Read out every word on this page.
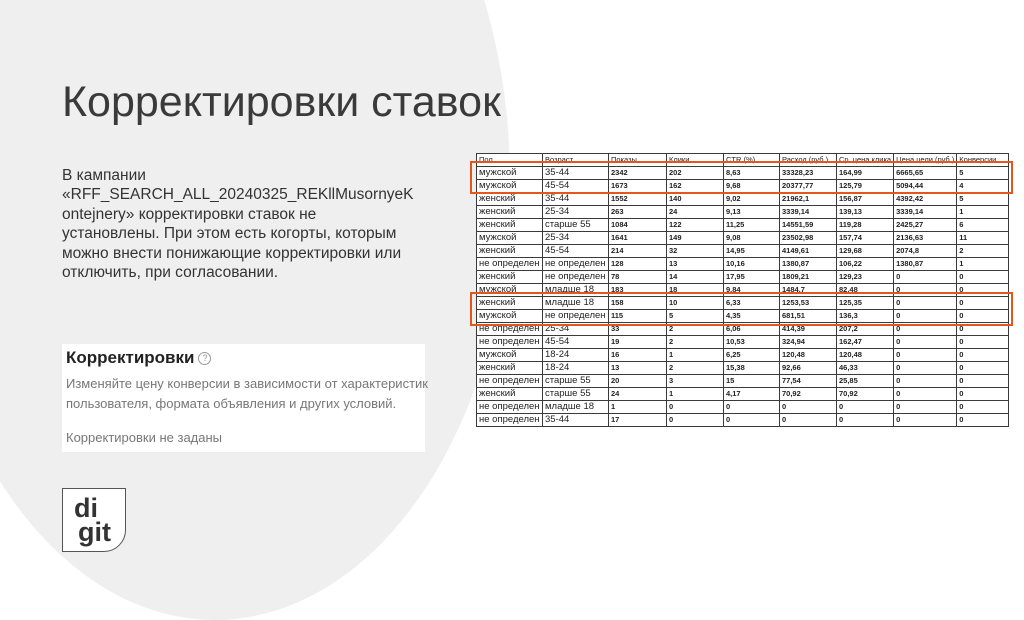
Корректировки ставок
В кампании
«RFF_SEARCH_ALL_20240325_REKllMusornyeK
ontejnery» корректировки ставок не
установлены. При этом есть когорты, которым
можно внести понижающие корректировки или
отключить, при согласовании.
Корректировки ?
Изменяйте цену конверсии в зависимости от характеристик
пользователя, формата объявления и других условий.
Корректировки не заданы
Пол	Возраст	Показы	Клики	CTR (%)	Расход (руб.)	Ср. цена клика	Цена цели (руб.)	Конверсии
мужской	35-44	2342	202	8,63	33328,23	164,99	6665,65	5
мужской	45-54	1673	162	9,68	20377,77	125,79	5094,44	4
женский	35-44	1552	140	9,02	21962,1	156,87	4392,42	5
женский	25-34	263	24	9,13	3339,14	139,13	3339,14	1
женский	старше 55	1084	122	11,25	14551,59	119,28	2425,27	6
мужской	25-34	1641	149	9,08	23502,98	157,74	2136,63	11
женский	45-54	214	32	14,95	4149,61	129,68	2074,8	2
не определен	не определен	128	13	10,16	1380,87	106,22	1380,87	1
женский	не определен	78	14	17,95	1809,21	129,23	0	0
мужской	младше 18	183	18	9,84	1484,7	82,48	0	0
женский	младше 18	158	10	6,33	1253,53	125,35	0	0
мужской	не определен	115	5	4,35	681,51	136,3	0	0
не определен	25-34	33	2	6,06	414,39	207,2	0	0
не определен	45-54	19	2	10,53	324,94	162,47	0	0
мужской	18-24	16	1	6,25	120,48	120,48	0	0
женский	18-24	13	2	15,38	92,66	46,33	0	0
не определен	старше 55	20	3	15	77,54	25,85	0	0
женский	старше 55	24	1	4,17	70,92	70,92	0	0
не определен	младше 18	1	0	0	0	0	0	0
не определен	35-44	17	0	0	0	0	0	0
di
git
